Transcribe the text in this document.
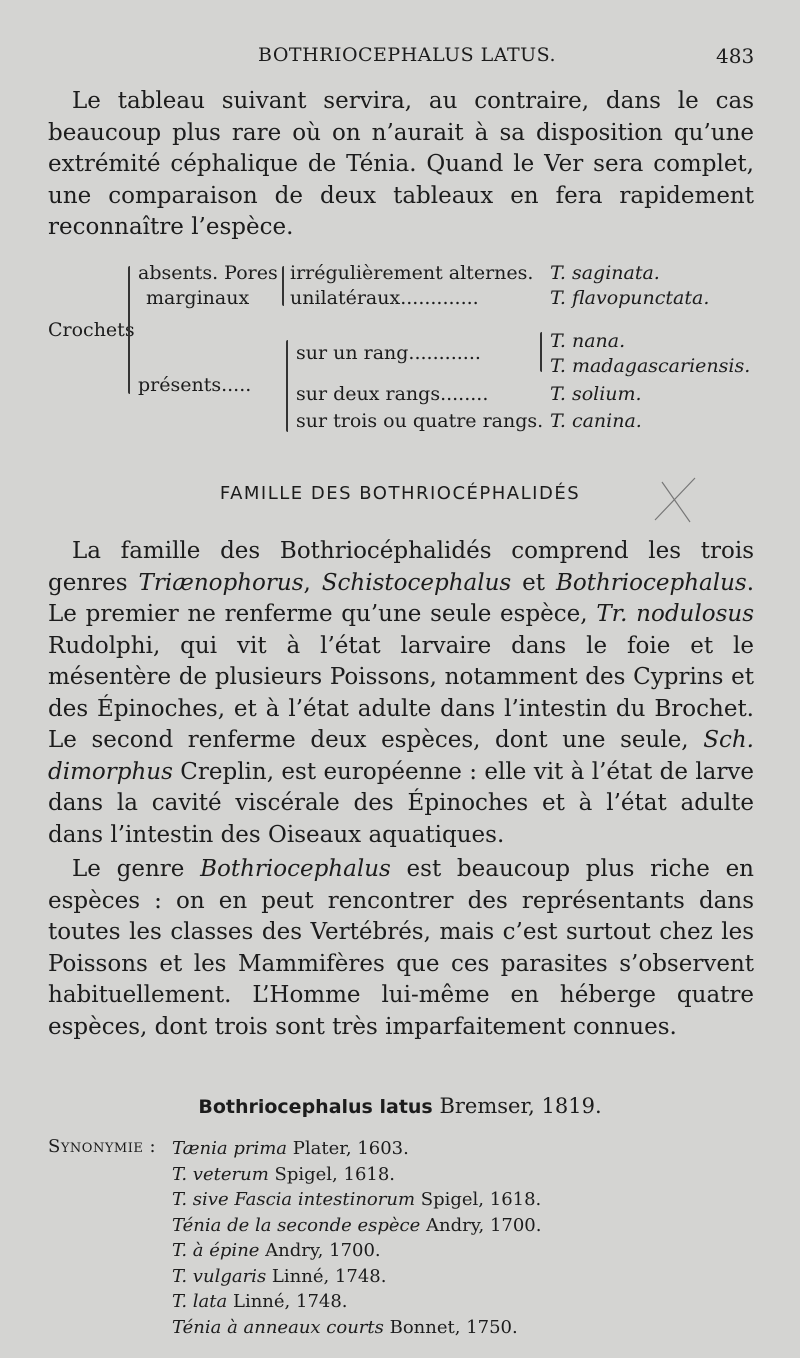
BOTHRIOCEPHALUS LATUS.	483

Le tableau suivant servira, au contraire, dans le cas beaucoup plus rare où on n’aurait à sa disposition qu’une extrémité céphalique de Ténia. Quand le Ver sera complet, une comparaison de deux tableaux en fera rapidement reconnaître l’espèce.

Crochets
absents. Pores
marginaux
irrégulièrement alternes.
unilatéraux.............
T. saginata.
T. flavopunctata.
présents.....
sur un rang............
T. nana.
T. madagascariensis.
sur deux rangs........	T. solium.
sur trois ou quatre rangs. T. canina.
FAMILLE DES BOTHRIOCÉPHALIDÉS

La famille des Bothriocéphalidés comprend les trois genres Triænophorus, Schistocephalus et Bothriocephalus. Le premier ne renferme qu’une seule espèce, Tr. nodulosus Rudolphi, qui vit à l’état larvaire dans le foie et le mésentère de plusieurs Poissons, notamment des Cyprins et des Épinoches, et à l’état adulte dans l’intestin du Brochet. Le second renferme deux espèces, dont une seule, Sch. dimorphus Creplin, est européenne : elle vit à l’état de larve dans la cavité viscérale des Épinoches et à l’état adulte dans l’intestin des Oiseaux aquatiques.

Le genre Bothriocephalus est beaucoup plus riche en espèces : on en peut rencontrer des représentants dans toutes les classes des Vertébrés, mais c’est surtout chez les Poissons et les Mammifères que ces parasites s’observent habituellement. L’Homme lui-même en héberge quatre espèces, dont trois sont très imparfaitement connues.

Bothriocephalus latus Bremser, 1819.
Synonymie : Tænia prima Plater, 1603.
T. veterum Spigel, 1618.
T. sive Fascia intestinorum Spigel, 1618.
Ténia de la seconde espèce Andry, 1700.
T. à épine Andry, 1700.
T. vulgaris Linné, 1748.
T. lata Linné, 1748.
Ténia à anneaux courts Bonnet, 1750.
